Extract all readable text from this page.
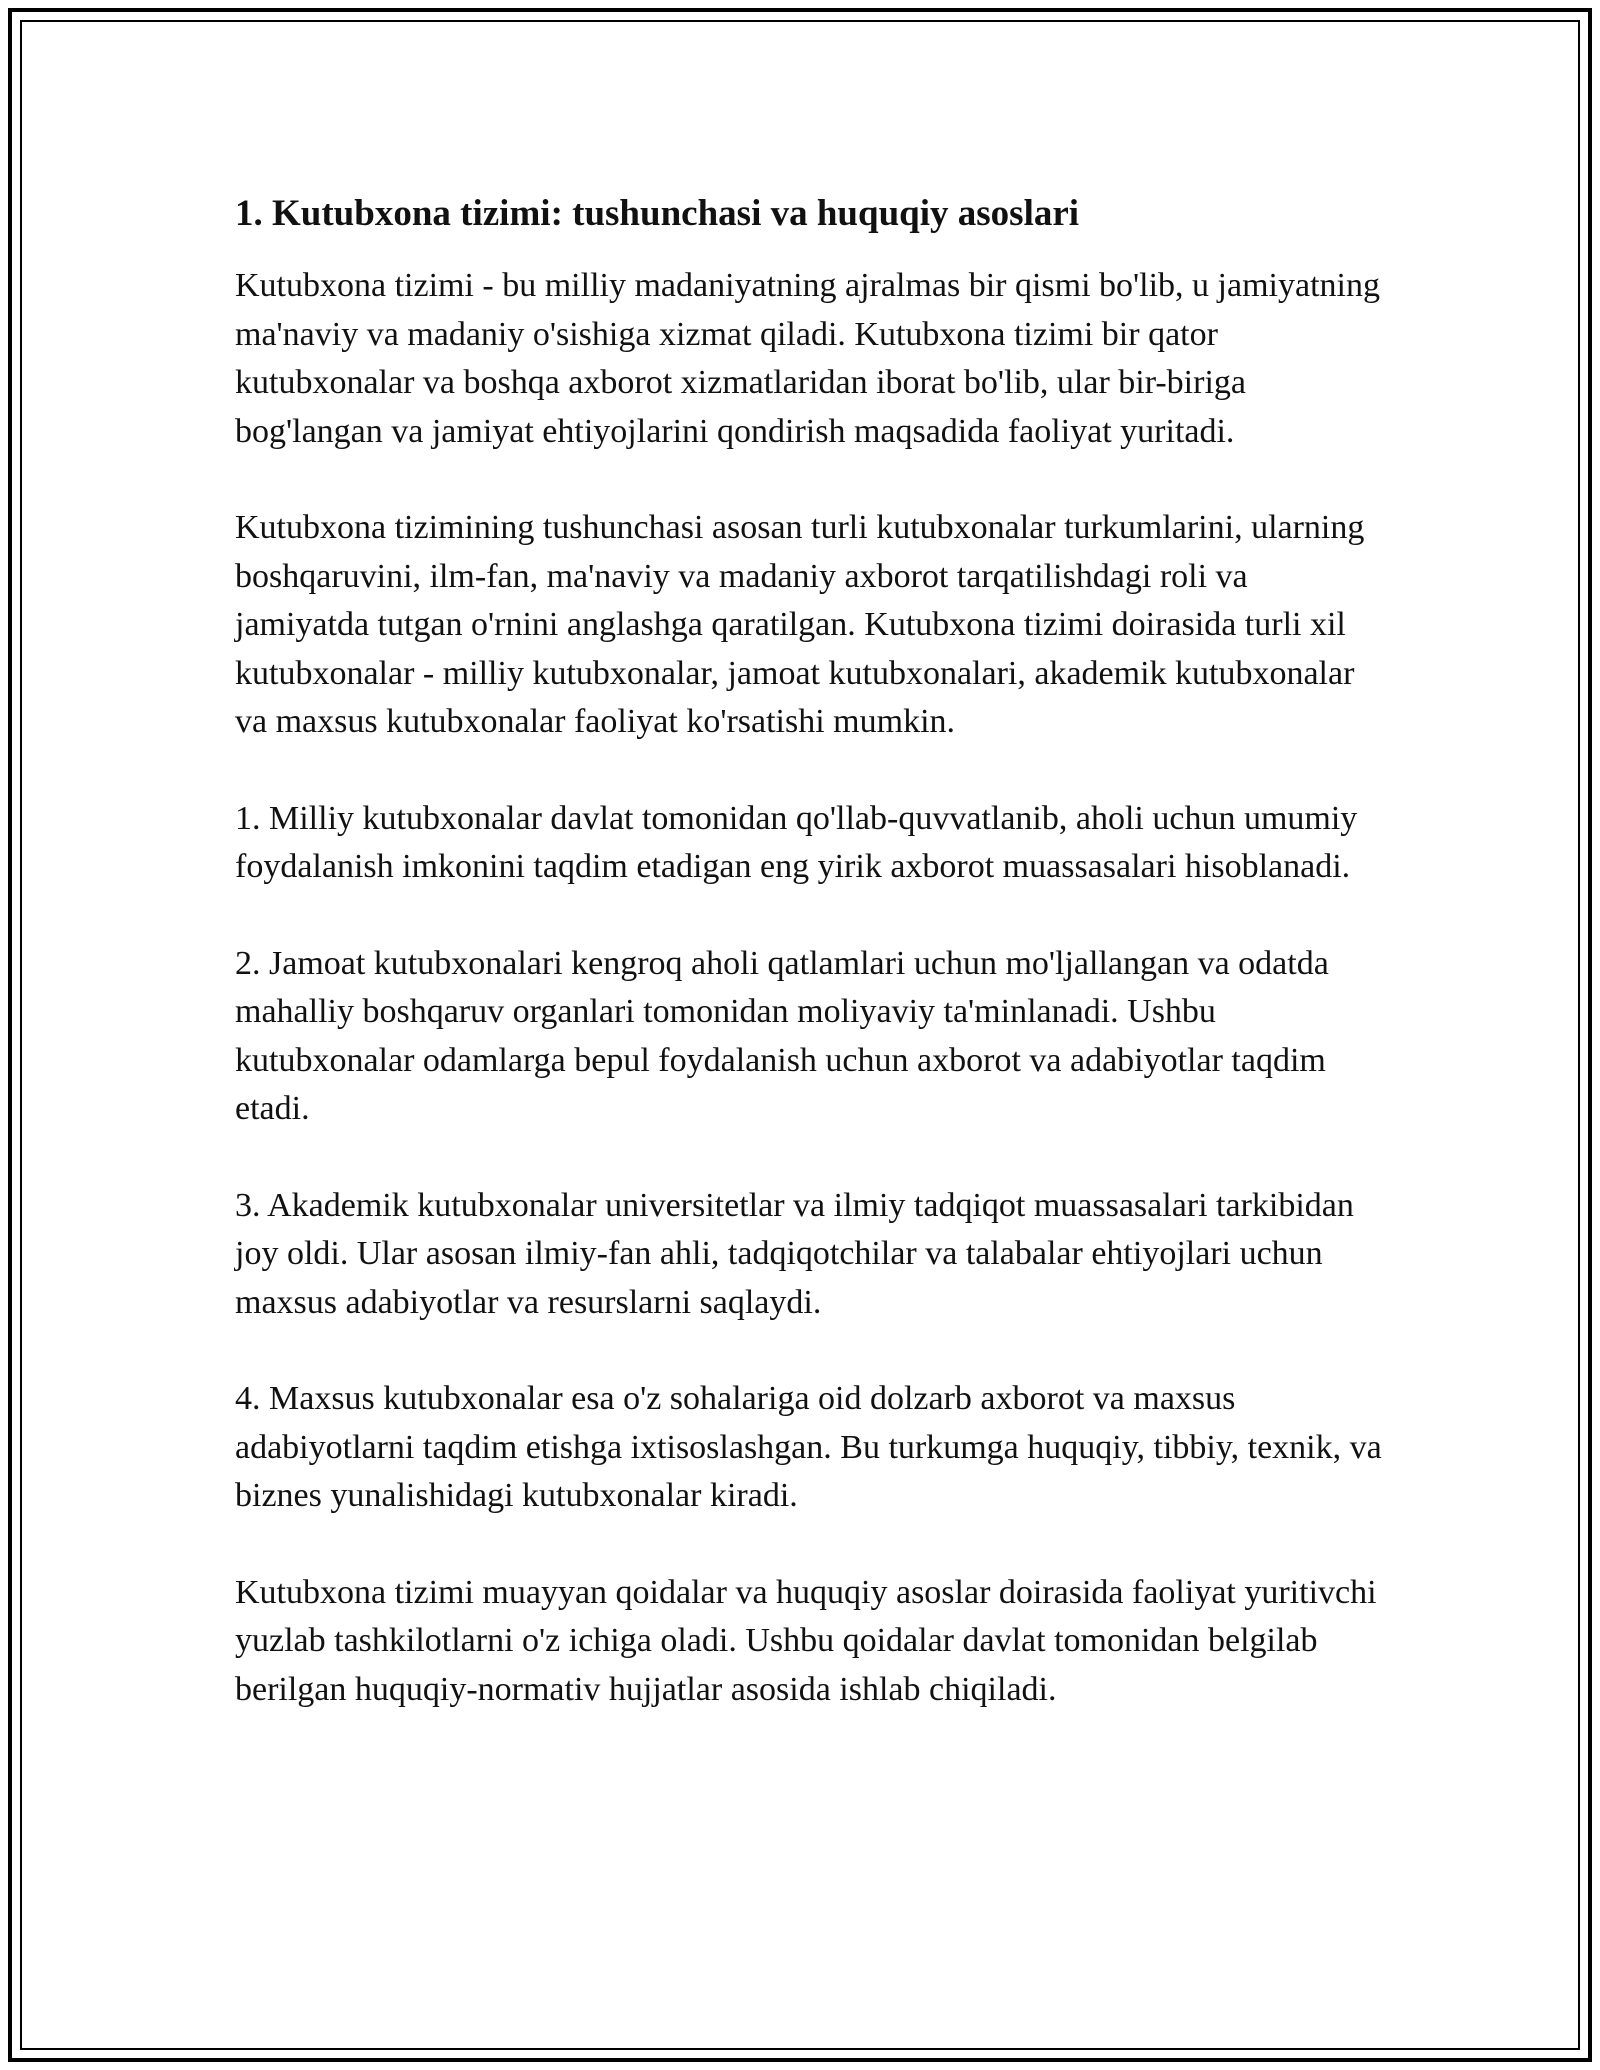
1. Kutubxona tizimi: tushunchasi va huquqiy asoslari

Kutubxona tizimi - bu milliy madaniyatning ajralmas bir qismi bo'lib, u jamiyatning ma'naviy va madaniy o'sishiga xizmat qiladi. Kutubxona tizimi bir qator kutubxonalar va boshqa axborot xizmatlaridan iborat bo'lib, ular bir-biriga bog'langan va jamiyat ehtiyojlarini qondirish maqsadida faoliyat yuritadi.

Kutubxona tizimining tushunchasi asosan turli kutubxonalar turkumlarini, ularning boshqaruvini, ilm-fan, ma'naviy va madaniy axborot tarqatilishdagi roli va jamiyatda tutgan o'rnini anglashga qaratilgan. Kutubxona tizimi doirasida turli xil kutubxonalar - milliy kutubxonalar, jamoat kutubxonalari, akademik kutubxonalar va maxsus kutubxonalar faoliyat ko'rsatishi mumkin.

1. Milliy kutubxonalar davlat tomonidan qo'llab-quvvatlanib, aholi uchun umumiy foydalanish imkonini taqdim etadigan eng yirik axborot muassasalari hisoblanadi.

2. Jamoat kutubxonalari kengroq aholi qatlamlari uchun mo'ljallangan va odatda mahalliy boshqaruv organlari tomonidan moliyaviy ta'minlanadi. Ushbu kutubxonalar odamlarga bepul foydalanish uchun axborot va adabiyotlar taqdim etadi.

3. Akademik kutubxonalar universitetlar va ilmiy tadqiqot muassasalari tarkibidan joy oldi. Ular asosan ilmiy-fan ahli, tadqiqotchilar va talabalar ehtiyojlari uchun maxsus adabiyotlar va resurslarni saqlaydi.

4. Maxsus kutubxonalar esa o'z sohalariga oid dolzarb axborot va maxsus adabiyotlarni taqdim etishga ixtisoslashgan. Bu turkumga huquqiy, tibbiy, texnik, va biznes yunalishidagi kutubxonalar kiradi.

Kutubxona tizimi muayyan qoidalar va huquqiy asoslar doirasida faoliyat yuritivchi yuzlab tashkilotlarni o'z ichiga oladi. Ushbu qoidalar davlat tomonidan belgilab berilgan huquqiy-normativ hujjatlar asosida ishlab chiqiladi.
